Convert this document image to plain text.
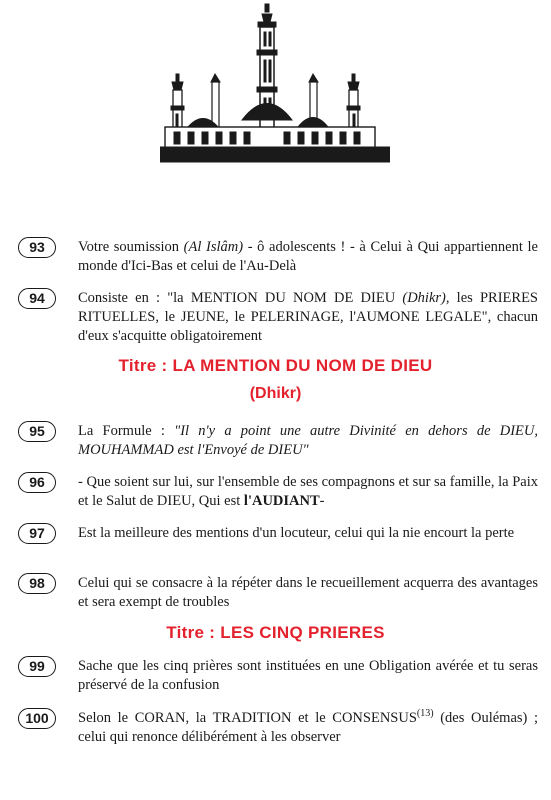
93	Votre soumission (Al Islâm) - ô adolescents ! - à Celui à Qui appartiennent le monde d'Ici-Bas et celui de l'Au-Delà
94	Consiste en : "la MENTION DU NOM DE DIEU (Dhikr), les PRIERES RITUELLES, le JEUNE, le PELERINAGE, l'AUMONE LEGALE", chacun d'eux s'acquitte obligatoirement
Titre : LA MENTION DU NOM DE DIEU
(Dhikr)
95	La Formule : "Il n'y a point une autre Divinité en dehors de DIEU, MOUHAMMAD est l'Envoyé de DIEU"
96	- Que soient sur lui, sur l'ensemble de ses compagnons et sur sa famille, la Paix et le Salut de DIEU, Qui est l'AUDIANT-
97	Est la meilleure des mentions d'un locuteur, celui qui la nie encourt la perte
98	Celui qui se consacre à la répéter dans le recueillement acquerra des avantages et sera exempt de troubles
Titre : LES CINQ PRIERES
99	Sache que les cinq prières sont instituées en une Obligation avérée et tu seras préservé de la confusion
100	Selon le CORAN, la TRADITION et le CONSENSUS$^{(13)}$ (des Oulémas) ; celui qui renonce délibérément à les observer
